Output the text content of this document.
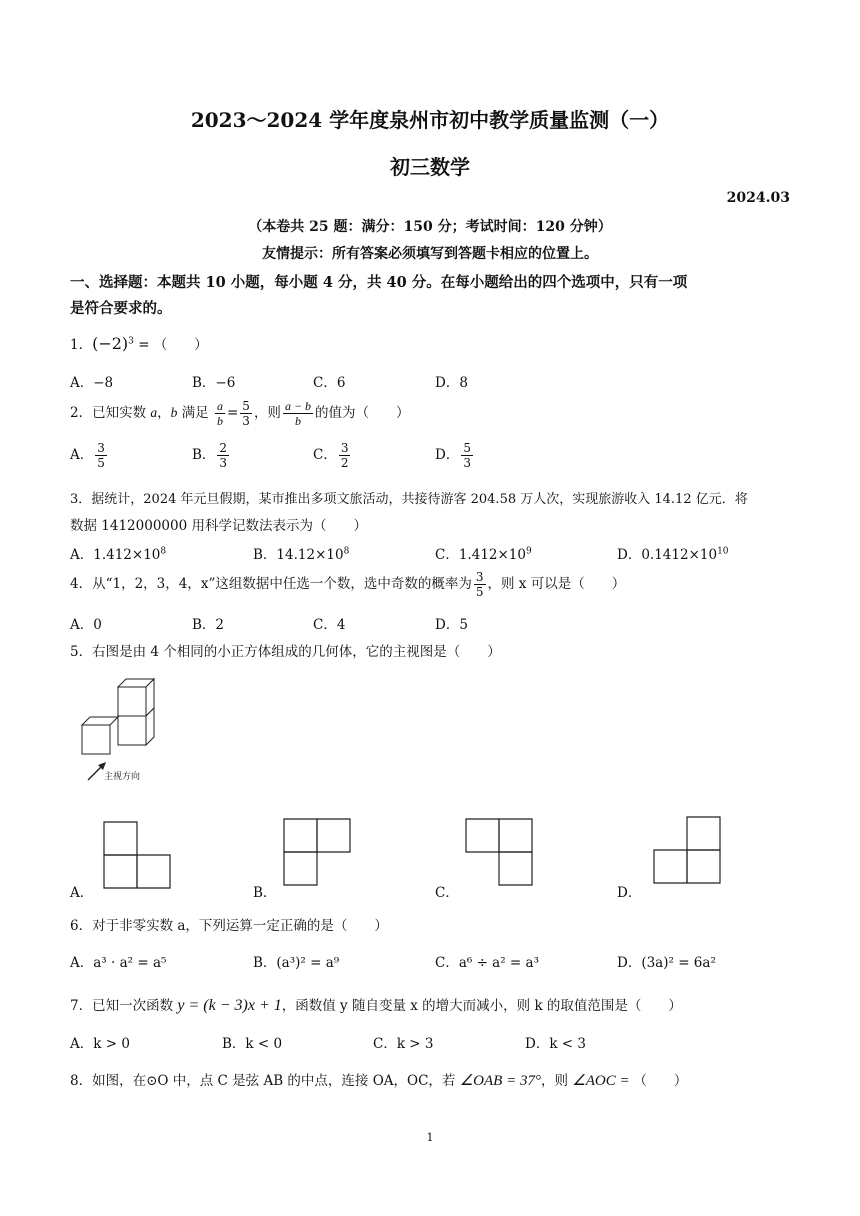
2023～2024 学年度泉州市初中教学质量监测（一）
初三数学
2024.03
（本卷共 25 题：满分：150 分；考试时间：120 分钟）
友情提示：所有答案必须填写到答题卡相应的位置上。
一、选择题：本题共 10 小题，每小题 4 分，共 40 分。在每小题给出的四个选项中，只有一项
是符合要求的。
1．$(-2)^3$ = （　　）
A．−8	B．−6	C．6	D．8
2．已知实数 a，b 满足 $\frac{a}{b} = \frac{5}{3}$ ，则 $\frac{a - b}{b}$ 的值为（　　）
A． $\frac{3}{5}$	B． $\frac{2}{3}$	C． $\frac{3}{2}$	D． $\frac{5}{3}$
3．据统计，2024 年元旦假期，某市推出多项文旅活动，共接待游客 204.58 万人次，实现旅游收入 14.12 亿元．将
数据 1412000000 用科学记数法表示为（　　）
A．$1.412\times 10^8$	B．$14.12\times 10^8$	C．$1.412\times 10^9$	D．$0.1412\times 10^{10}$
4．从“1，2，3，4，x”这组数据中任选一个数，选中奇数的概率为 $\frac{3}{5}$ ，则 x 可以是（　　）
A．0	B．2	C．4	D．5
5．右图是由 4 个相同的小正方体组成的几何体，它的主视图是（　　）
主视方向
A．	B．	C．	D．
6．对于非零实数 a，下列运算一定正确的是（　　）
A．a³ · a² = a⁵	B．(a³)² = a⁹	C．a⁶ ÷ a² = a³	D．(3a)² = 6a²
7．已知一次函数 y = (k − 3)x + 1，函数值 y 随自变量 x 的增大而减小，则 k 的取值范围是（　　）
A．k > 0	B．k < 0	C．k > 3	D．k < 3
8．如图，在⊙O 中，点 C 是弦 AB 的中点，连接 OA，OC，若 ∠OAB = 37°，则 ∠AOC = （　　）
1
